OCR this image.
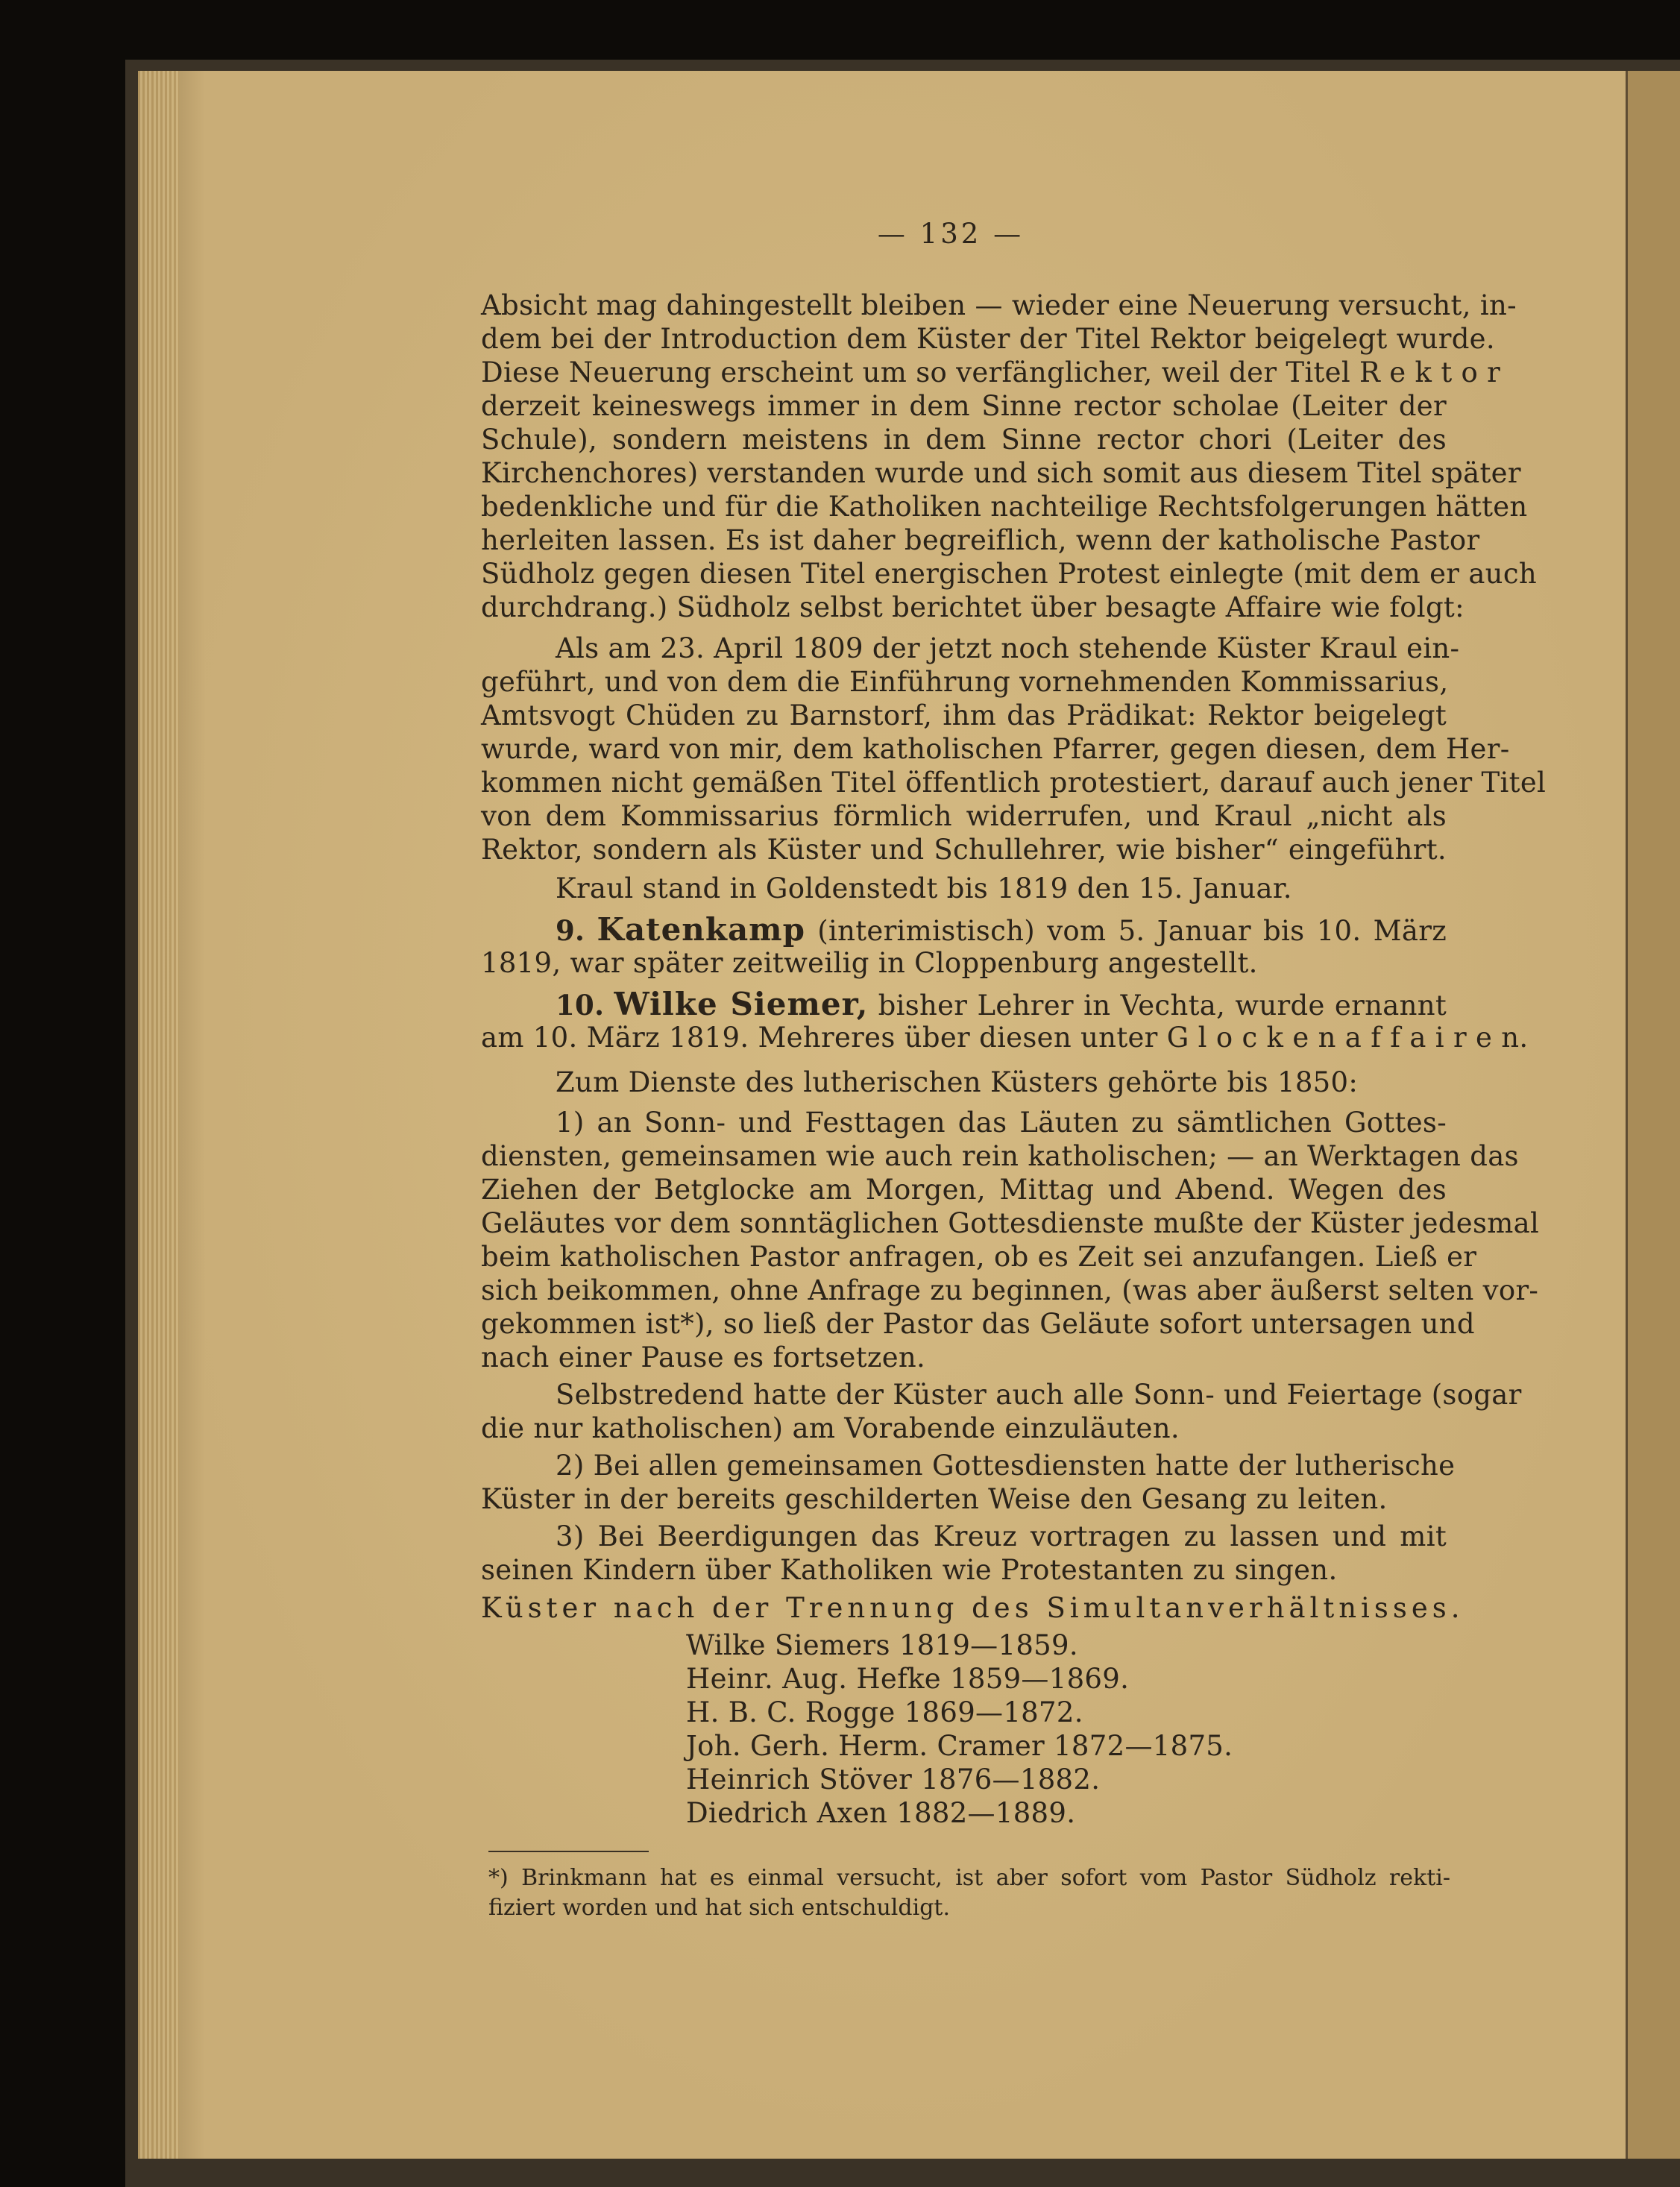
— 132 —
Absicht mag dahingestellt bleiben — wieder eine Neuerung versucht, in-
dem bei der Introduction dem Küster der Titel Rektor beigelegt wurde.
Diese Neuerung erscheint um so verfänglicher, weil der Titel R e k t o r
derzeit keineswegs immer in dem Sinne rector scholae (Leiter der
Schule), sondern meistens in dem Sinne rector chori (Leiter des
Kirchenchores) verstanden wurde und sich somit aus diesem Titel später
bedenkliche und für die Katholiken nachteilige Rechtsfolgerungen hätten
herleiten lassen. Es ist daher begreiflich, wenn der katholische Pastor
Südholz gegen diesen Titel energischen Protest einlegte (mit dem er auch
durchdrang.) Südholz selbst berichtet über besagte Affaire wie folgt:
Als am 23. April 1809 der jetzt noch stehende Küster Kraul ein-
geführt, und von dem die Einführung vornehmenden Kommissarius,
Amtsvogt Chüden zu Barnstorf, ihm das Prädikat: Rektor beigelegt
wurde, ward von mir, dem katholischen Pfarrer, gegen diesen, dem Her-
kommen nicht gemäßen Titel öffentlich protestiert, darauf auch jener Titel
von dem Kommissarius förmlich widerrufen, und Kraul „nicht als
Rektor, sondern als Küster und Schullehrer, wie bisher“ eingeführt.
Kraul stand in Goldenstedt bis 1819 den 15. Januar.
9. Katenkamp (interimistisch) vom 5. Januar bis 10. März
1819, war später zeitweilig in Cloppenburg angestellt.
10. Wilke Siemer, bisher Lehrer in Vechta, wurde ernannt
am 10. März 1819. Mehreres über diesen unter G l o c k e n a f f a i r e n.
Zum Dienste des lutherischen Küsters gehörte bis 1850:
1) an Sonn- und Festtagen das Läuten zu sämtlichen Gottes-
diensten, gemeinsamen wie auch rein katholischen; — an Werktagen das
Ziehen der Betglocke am Morgen, Mittag und Abend. Wegen des
Geläutes vor dem sonntäglichen Gottesdienste mußte der Küster jedesmal
beim katholischen Pastor anfragen, ob es Zeit sei anzufangen. Ließ er
sich beikommen, ohne Anfrage zu beginnen, (was aber äußerst selten vor-
gekommen ist*), so ließ der Pastor das Geläute sofort untersagen und
nach einer Pause es fortsetzen.
Selbstredend hatte der Küster auch alle Sonn- und Feiertage (sogar
die nur katholischen) am Vorabende einzuläuten.
2) Bei allen gemeinsamen Gottesdiensten hatte der lutherische
Küster in der bereits geschilderten Weise den Gesang zu leiten.
3) Bei Beerdigungen das Kreuz vortragen zu lassen und mit
seinen Kindern über Katholiken wie Protestanten zu singen.
Küster nach der Trennung des Simultanverhältnisses.
Wilke Siemers 1819—1859.
Heinr. Aug. Hefke 1859—1869.
H. B. C. Rogge 1869—1872.
Joh. Gerh. Herm. Cramer 1872—1875.
Heinrich Stöver 1876—1882.
Diedrich Axen 1882—1889.
*) Brinkmann hat es einmal versucht, ist aber sofort vom Pastor Südholz rekti-
fiziert worden und hat sich entschuldigt.
